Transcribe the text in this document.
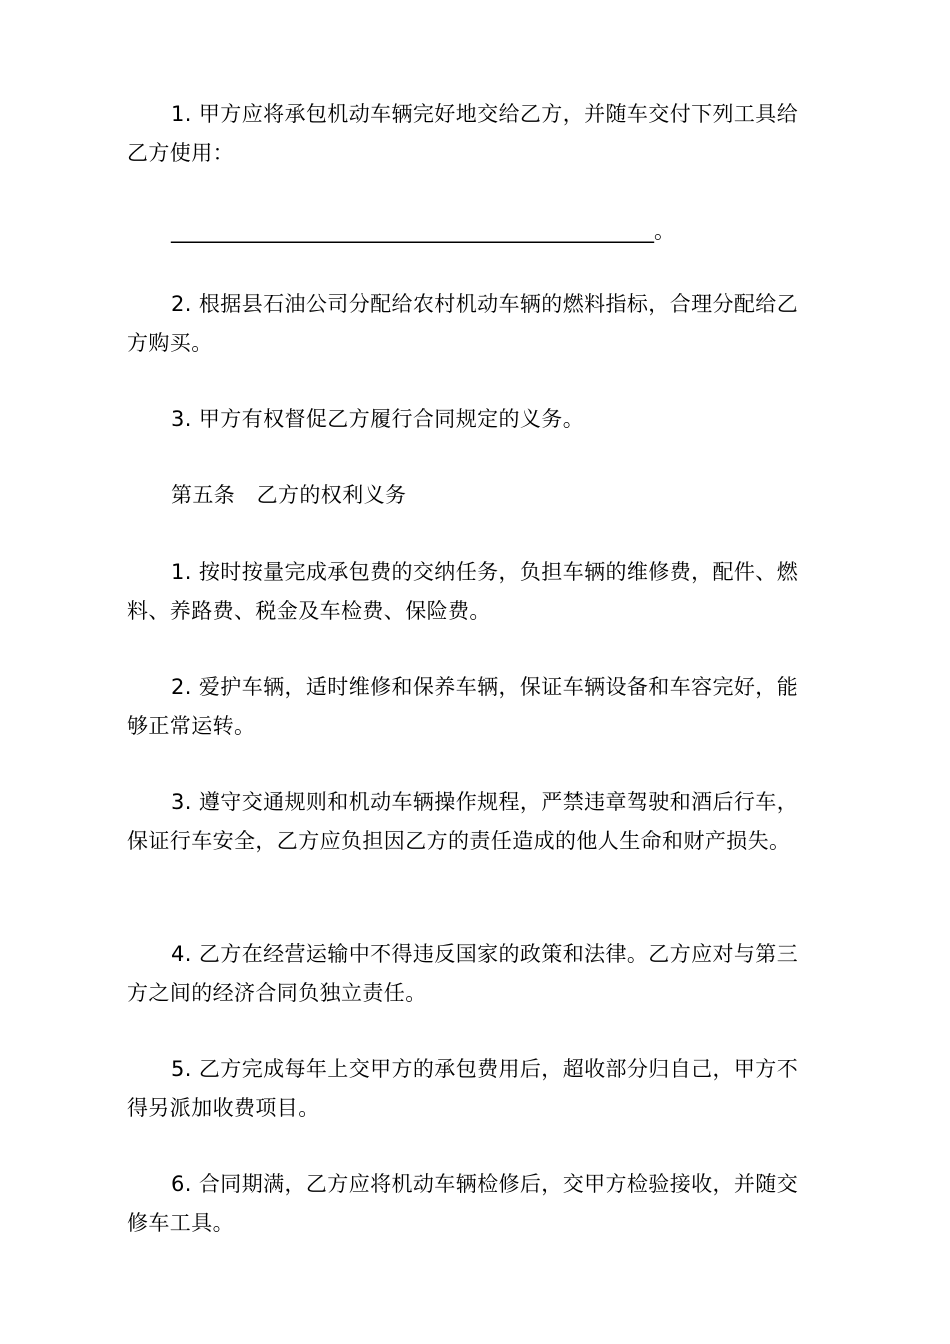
1. 甲方应将承包机动车辆完好地交给乙方，并随车交付下列工具给
乙方使用：

______________________________________________。

2. 根据县石油公司分配给农村机动车辆的燃料指标，合理分配给乙
方购买。

3. 甲方有权督促乙方履行合同规定的义务。

第五条　乙方的权利义务

1. 按时按量完成承包费的交纳任务，负担车辆的维修费，配件、燃
料、养路费、税金及车检费、保险费。

2. 爱护车辆，适时维修和保养车辆，保证车辆设备和车容完好，能
够正常运转。

3. 遵守交通规则和机动车辆操作规程，严禁违章驾驶和酒后行车，
保证行车安全，乙方应负担因乙方的责任造成的他人生命和财产损失。

4. 乙方在经营运输中不得违反国家的政策和法律。乙方应对与第三
方之间的经济合同负独立责任。

5. 乙方完成每年上交甲方的承包费用后，超收部分归自己，甲方不
得另派加收费项目。

6. 合同期满，乙方应将机动车辆检修后，交甲方检验接收，并随交
修车工具。
